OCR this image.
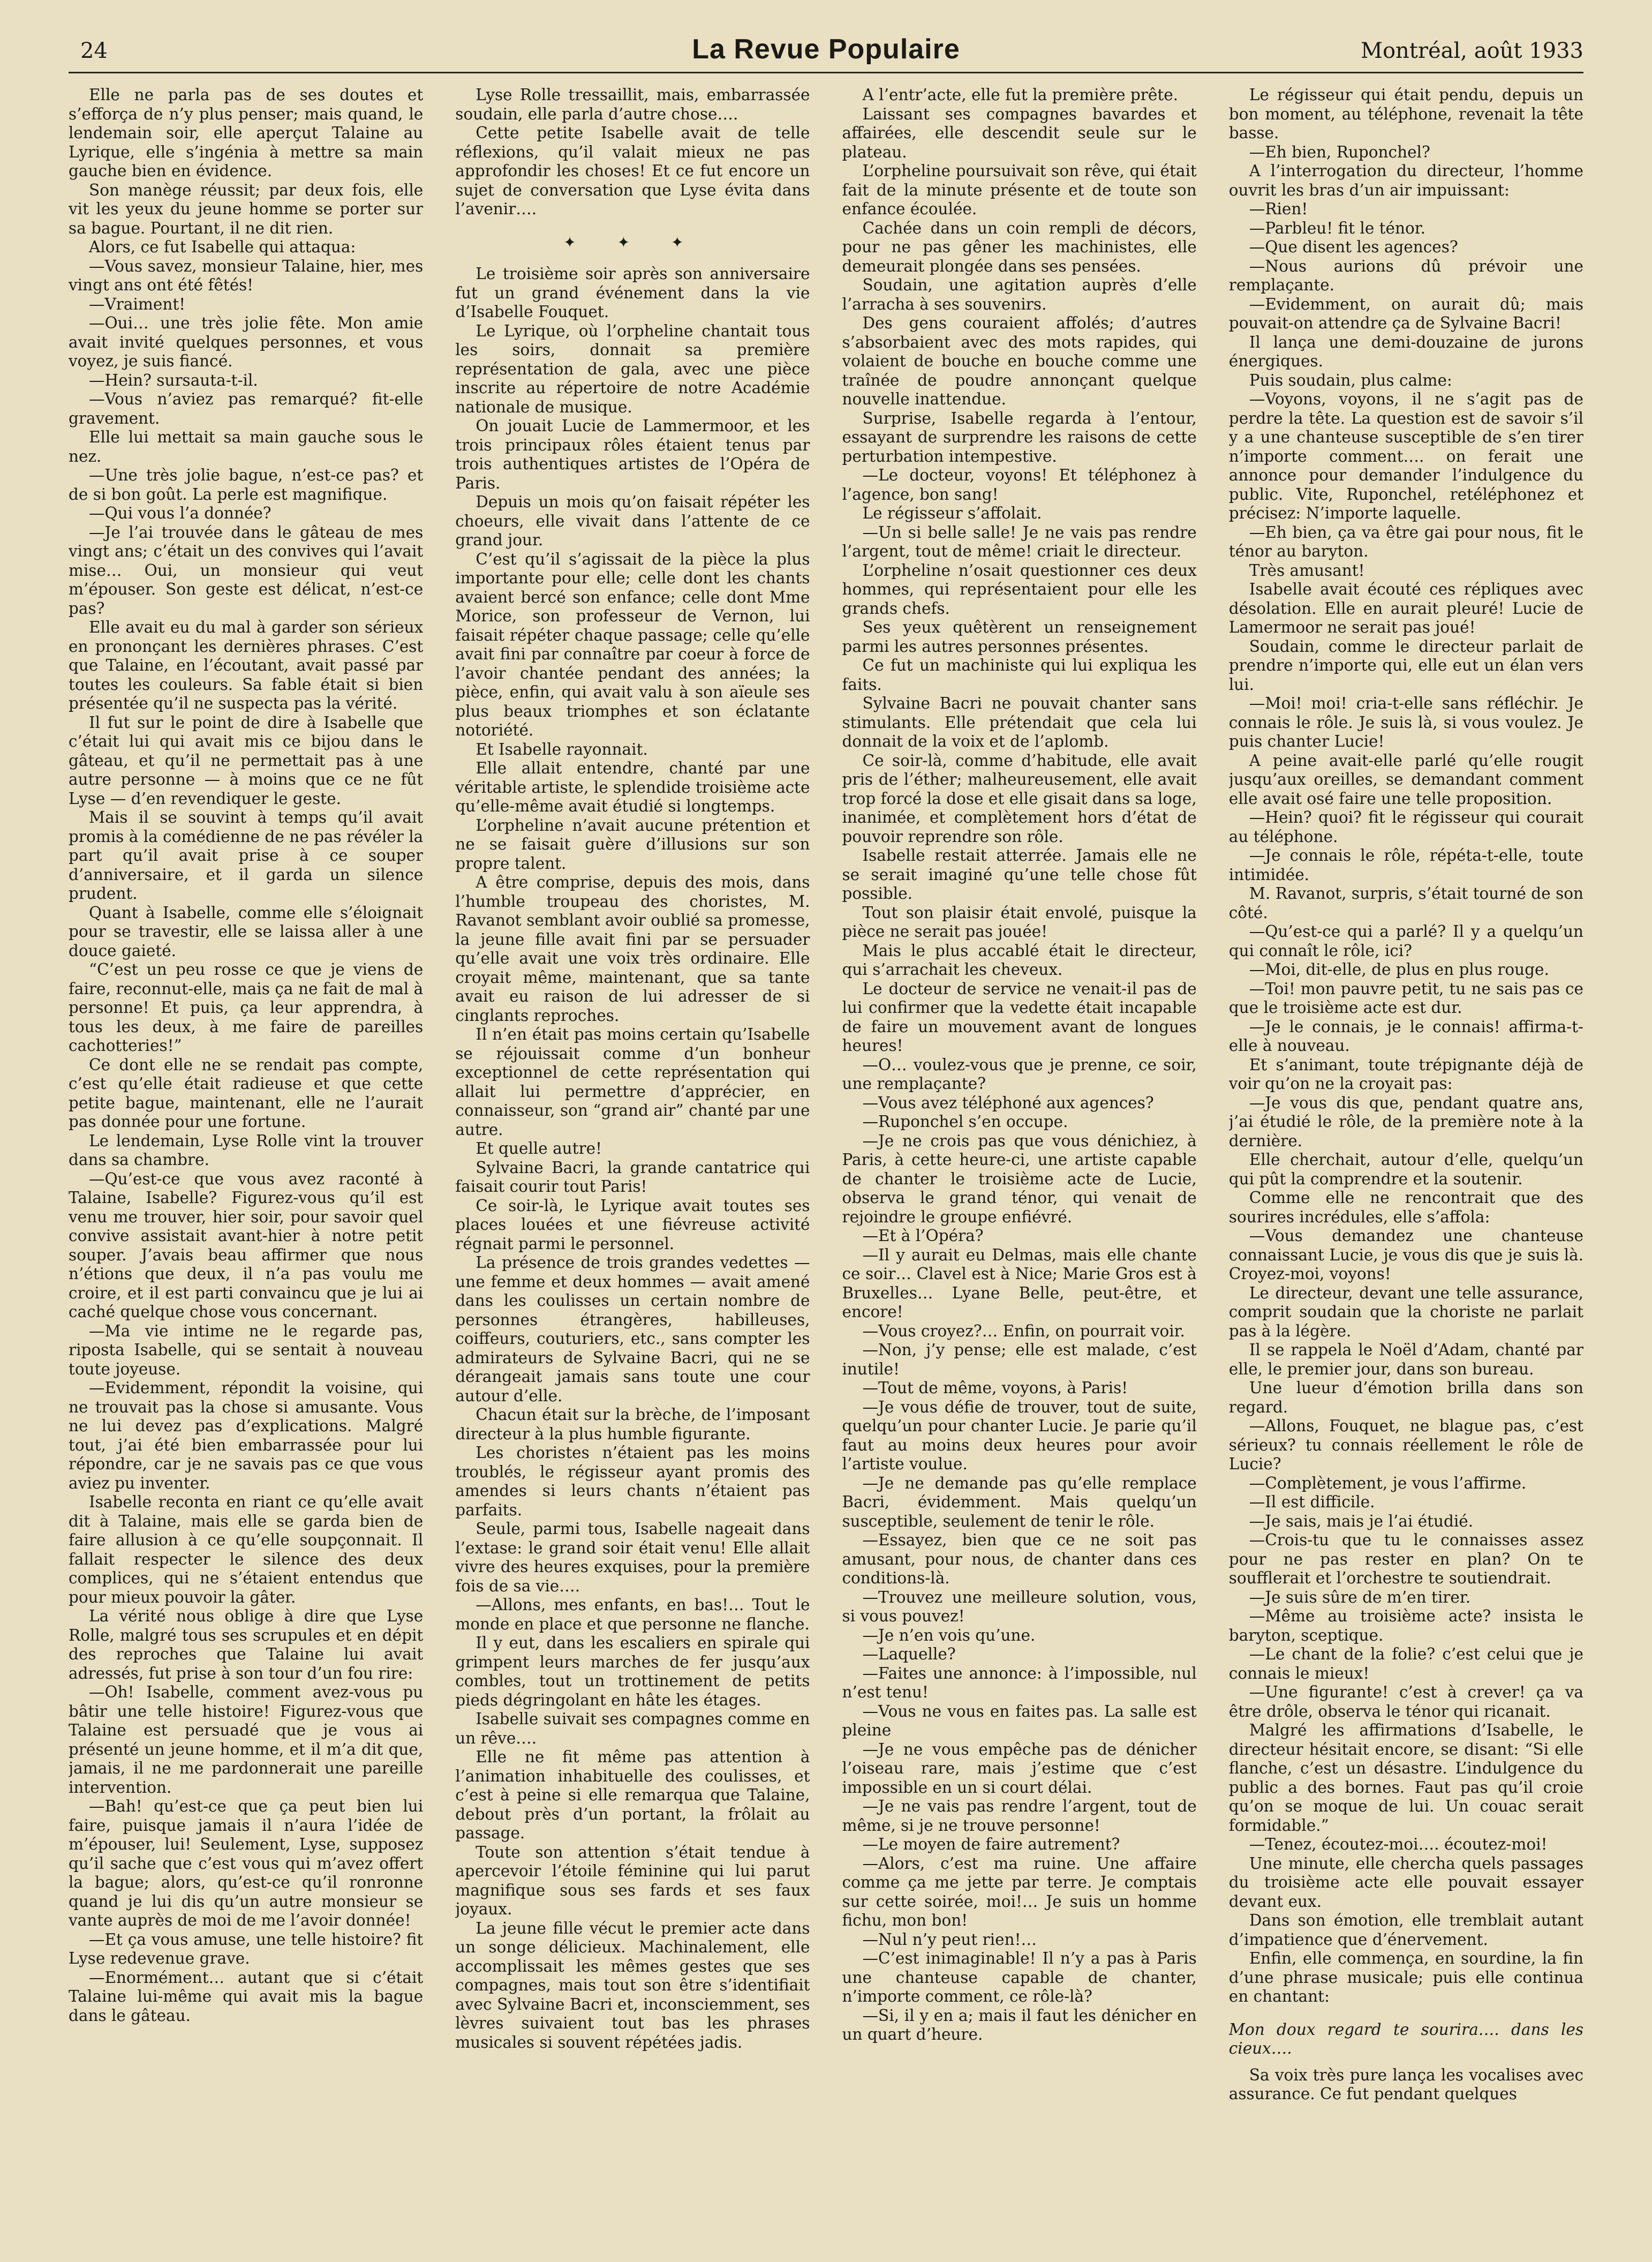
24	La Revue Populaire	Montréal, août 1933

Elle ne parla pas de ses doutes et s’efforça de n’y plus penser; mais quand, le lendemain soir, elle aperçut Talaine au Lyrique, elle s’ingénia à mettre sa main gauche bien en évidence.

Son manège réussit; par deux fois, elle vit les yeux du jeune homme se porter sur sa bague. Pourtant, il ne dit rien.

Alors, ce fut Isabelle qui attaqua:

—Vous savez, monsieur Talaine, hier, mes vingt ans ont été fêtés!

—Vraiment!

—Oui… une très jolie fête. Mon amie avait invité quelques personnes, et vous voyez, je suis fiancé.

—Hein? sursauta-t-il.

—Vous n’aviez pas remarqué? fit-elle gravement.

Elle lui mettait sa main gauche sous le nez.

—Une très jolie bague, n’est-ce pas? et de si bon goût. La perle est magnifique.

—Qui vous l’a donnée?

—Je l’ai trouvée dans le gâteau de mes vingt ans; c’était un des convives qui l’avait mise… Oui, un monsieur qui veut m’épouser. Son geste est délicat, n’est-ce pas?

Elle avait eu du mal à garder son sérieux en prononçant les dernières phrases. C’est que Talaine, en l’écoutant, avait passé par toutes les couleurs. Sa fable était si bien présentée qu’il ne suspecta pas la vérité.

Il fut sur le point de dire à Isabelle que c’était lui qui avait mis ce bijou dans le gâteau, et qu’il ne permettait pas à une autre personne — à moins que ce ne fût Lyse — d’en revendiquer le geste.

Mais il se souvint à temps qu’il avait promis à la comédienne de ne pas révéler la part qu’il avait prise à ce souper d’anniversaire, et il garda un silence prudent.

Quant à Isabelle, comme elle s’éloignait pour se travestir, elle se laissa aller à une douce gaieté.

“C’est un peu rosse ce que je viens de faire, reconnut-elle, mais ça ne fait de mal à personne! Et puis, ça leur apprendra, à tous les deux, à me faire de pareilles cachotteries!”

Ce dont elle ne se rendait pas compte, c’est qu’elle était radieuse et que cette petite bague, maintenant, elle ne l’aurait pas donnée pour une fortune.

Le lendemain, Lyse Rolle vint la trouver dans sa chambre.

—Qu’est-ce que vous avez raconté à Talaine, Isabelle? Figurez-vous qu’il est venu me trouver, hier soir, pour savoir quel convive assistait avant-hier à notre petit souper. J’avais beau affirmer que nous n’étions que deux, il n’a pas voulu me croire, et il est parti convaincu que je lui ai caché quelque chose vous concernant.

—Ma vie intime ne le regarde pas, riposta Isabelle, qui se sentait à nouveau toute joyeuse.

—Evidemment, répondit la voisine, qui ne trouvait pas la chose si amusante. Vous ne lui devez pas d’explications. Malgré tout, j’ai été bien embarrassée pour lui répondre, car je ne savais pas ce que vous aviez pu inventer.

Isabelle reconta en riant ce qu’elle avait dit à Talaine, mais elle se garda bien de faire allusion à ce qu’elle soupçonnait. Il fallait respecter le silence des deux complices, qui ne s’étaient entendus que pour mieux pouvoir la gâter.

La vérité nous oblige à dire que Lyse Rolle, malgré tous ses scrupules et en dépit des reproches que Talaine lui avait adressés, fut prise à son tour d’un fou rire:

—Oh! Isabelle, comment avez-vous pu bâtir une telle histoire! Figurez-vous que Talaine est persuadé que je vous ai présenté un jeune homme, et il m’a dit que, jamais, il ne me pardonnerait une pareille intervention.

—Bah! qu’est-ce que ça peut bien lui faire, puisque jamais il n’aura l’idée de m’épouser, lui! Seulement, Lyse, supposez qu’il sache que c’est vous qui m’avez offert la bague; alors, qu’est-ce qu’il ronronne quand je lui dis qu’un autre monsieur se vante auprès de moi de me l’avoir donnée!

—Et ça vous amuse, une telle histoire? fit Lyse redevenue grave.

—Enormément… autant que si c’était Talaine lui-même qui avait mis la bague dans le gâteau.

Lyse Rolle tressaillit, mais, embarrassée soudain, elle parla d’autre chose….

Cette petite Isabelle avait de telle réflexions, qu’il valait mieux ne pas approfondir les choses! Et ce fut encore un sujet de conversation que Lyse évita dans l’avenir….

✦ ✦ ✦

Le troisième soir après son anniversaire fut un grand événement dans la vie d’Isabelle Fouquet.

Le Lyrique, où l’orpheline chantait tous les soirs, donnait sa première représentation de gala, avec une pièce inscrite au répertoire de notre Académie nationale de musique.

On jouait Lucie de Lammermoor, et les trois principaux rôles étaient tenus par trois authentiques artistes de l’Opéra de Paris.

Depuis un mois qu’on faisait répéter les choeurs, elle vivait dans l’attente de ce grand jour.

C’est qu’il s’agissait de la pièce la plus importante pour elle; celle dont les chants avaient bercé son enfance; celle dont Mme Morice, son professeur de Vernon, lui faisait répéter chaque passage; celle qu’elle avait fini par connaître par coeur à force de l’avoir chantée pendant des années; la pièce, enfin, qui avait valu à son aïeule ses plus beaux triomphes et son éclatante notoriété.

Et Isabelle rayonnait.

Elle allait entendre, chanté par une véritable artiste, le splendide troisième acte qu’elle-même avait étudié si longtemps.

L’orpheline n’avait aucune prétention et ne se faisait guère d’illusions sur son propre talent.

A être comprise, depuis des mois, dans l’humble troupeau des choristes, M. Ravanot semblant avoir oublié sa promesse, la jeune fille avait fini par se persuader qu’elle avait une voix très ordinaire. Elle croyait même, maintenant, que sa tante avait eu raison de lui adresser de si cinglants reproches.

Il n’en était pas moins certain qu’Isabelle se réjouissait comme d’un bonheur exceptionnel de cette représentation qui allait lui permettre d’apprécier, en connaisseur, son “grand air” chanté par une autre.

Et quelle autre!

Sylvaine Bacri, la grande cantatrice qui faisait courir tout Paris!

Ce soir-là, le Lyrique avait toutes ses places louées et une fiévreuse activité régnait parmi le personnel.

La présence de trois grandes vedettes — une femme et deux hommes — avait amené dans les coulisses un certain nombre de personnes étrangères, habilleuses, coiffeurs, couturiers, etc., sans compter les admirateurs de Sylvaine Bacri, qui ne se dérangeait jamais sans toute une cour autour d’elle.

Chacun était sur la brèche, de l’imposant directeur à la plus humble figurante.

Les choristes n’étaient pas les moins troublés, le régisseur ayant promis des amendes si leurs chants n’étaient pas parfaits.

Seule, parmi tous, Isabelle nageait dans l’extase: le grand soir était venu! Elle allait vivre des heures exquises, pour la première fois de sa vie….

—Allons, mes enfants, en bas!… Tout le monde en place et que personne ne flanche.

Il y eut, dans les escaliers en spirale qui grimpent leurs marches de fer jusqu’aux combles, tout un trottinement de petits pieds dégringolant en hâte les étages.

Isabelle suivait ses compagnes comme en un rêve….

Elle ne fit même pas attention à l’animation inhabituelle des coulisses, et c’est à peine si elle remarqua que Talaine, debout près d’un portant, la frôlait au passage.

Toute son attention s’était tendue à apercevoir l’étoile féminine qui lui parut magnifique sous ses fards et ses faux joyaux.

La jeune fille vécut le premier acte dans un songe délicieux. Machinalement, elle accomplissait les mêmes gestes que ses compagnes, mais tout son être s’identifiait avec Sylvaine Bacri et, inconsciemment, ses lèvres suivaient tout bas les phrases musicales si souvent répétées jadis.

A l’entr’acte, elle fut la première prête.

Laissant ses compagnes bavardes et affairées, elle descendit seule sur le plateau.

L’orpheline poursuivait son rêve, qui était fait de la minute présente et de toute son enfance écoulée.

Cachée dans un coin rempli de décors, pour ne pas gêner les machinistes, elle demeurait plongée dans ses pensées.

Soudain, une agitation auprès d’elle l’arracha à ses souvenirs.

Des gens couraient affolés; d’autres s’absorbaient avec des mots rapides, qui volaient de bouche en bouche comme une traînée de poudre annonçant quelque nouvelle inattendue.

Surprise, Isabelle regarda à l’entour, essayant de surprendre les raisons de cette perturbation intempestive.

—Le docteur, voyons! Et téléphonez à l’agence, bon sang!

Le régisseur s’affolait.

—Un si belle salle! Je ne vais pas rendre l’argent, tout de même! criait le directeur.

L’orpheline n’osait questionner ces deux hommes, qui représentaient pour elle les grands chefs.

Ses yeux quêtèrent un renseignement parmi les autres personnes présentes.

Ce fut un machiniste qui lui expliqua les faits.

Sylvaine Bacri ne pouvait chanter sans stimulants. Elle prétendait que cela lui donnait de la voix et de l’aplomb.

Ce soir-là, comme d’habitude, elle avait pris de l’éther; malheureusement, elle avait trop forcé la dose et elle gisait dans sa loge, inanimée, et complètement hors d’état de pouvoir reprendre son rôle.

Isabelle restait atterrée. Jamais elle ne se serait imaginé qu’une telle chose fût possible.

Tout son plaisir était envolé, puisque la pièce ne serait pas jouée!

Mais le plus accablé était le directeur, qui s’arrachait les cheveux.

Le docteur de service ne venait-il pas de lui confirmer que la vedette était incapable de faire un mouvement avant de longues heures!

—O… voulez-vous que je prenne, ce soir, une remplaçante?

—Vous avez téléphoné aux agences?

—Ruponchel s’en occupe.

—Je ne crois pas que vous dénichiez, à Paris, à cette heure-ci, une artiste capable de chanter le troisième acte de Lucie, observa le grand ténor, qui venait de rejoindre le groupe enfiévré.

—Et à l’Opéra?

—Il y aurait eu Delmas, mais elle chante ce soir… Clavel est à Nice; Marie Gros est à Bruxelles… Lyane Belle, peut-être, et encore!

—Vous croyez?… Enfin, on pourrait voir.

—Non, j’y pense; elle est malade, c’est inutile!

—Tout de même, voyons, à Paris!

—Je vous défie de trouver, tout de suite, quelqu’un pour chanter Lucie. Je parie qu’il faut au moins deux heures pour avoir l’artiste voulue.

—Je ne demande pas qu’elle remplace Bacri, évidemment. Mais quelqu’un susceptible, seulement de tenir le rôle.

—Essayez, bien que ce ne soit pas amusant, pour nous, de chanter dans ces conditions-là.

—Trouvez une meilleure solution, vous, si vous pouvez!

—Je n’en vois qu’une.

—Laquelle?

—Faites une annonce: à l’impossible, nul n’est tenu!

—Vous ne vous en faites pas. La salle est pleine

—Je ne vous empêche pas de dénicher l’oiseau rare, mais j’estime que c’est impossible en un si court délai.

—Je ne vais pas rendre l’argent, tout de même, si je ne trouve personne!

—Le moyen de faire autrement?

—Alors, c’est ma ruine. Une affaire comme ça me jette par terre. Je comptais sur cette soirée, moi!… Je suis un homme fichu, mon bon!

—Nul n’y peut rien!…

—C’est inimaginable! Il n’y a pas à Paris une chanteuse capable de chanter, n’importe comment, ce rôle-là?

—Si, il y en a; mais il faut les dénicher en un quart d’heure.

Le régisseur qui était pendu, depuis un bon moment, au téléphone, revenait la tête basse.

—Eh bien, Ruponchel?

A l’interrogation du directeur, l’homme ouvrit les bras d’un air impuissant:

—Rien!

—Parbleu! fit le ténor.

—Que disent les agences?

—Nous aurions dû prévoir une remplaçante.

—Evidemment, on aurait dû; mais pouvait-on attendre ça de Sylvaine Bacri!

Il lança une demi-douzaine de jurons énergiques.

Puis soudain, plus calme:

—Voyons, voyons, il ne s’agit pas de perdre la tête. La question est de savoir s’il y a une chanteuse susceptible de s’en tirer n’importe comment…. on ferait une annonce pour demander l’indulgence du public. Vite, Ruponchel, retéléphonez et précisez: N’importe laquelle.

—Eh bien, ça va être gai pour nous, fit le ténor au baryton.

Très amusant!

Isabelle avait écouté ces répliques avec désolation. Elle en aurait pleuré! Lucie de Lamermoor ne serait pas joué!

Soudain, comme le directeur parlait de prendre n’importe qui, elle eut un élan vers lui.

—Moi! moi! cria-t-elle sans réfléchir. Je connais le rôle. Je suis là, si vous voulez. Je puis chanter Lucie!

A peine avait-elle parlé qu’elle rougit jusqu’aux oreilles, se demandant comment elle avait osé faire une telle proposition.

—Hein? quoi? fit le régisseur qui courait au téléphone.

—Je connais le rôle, répéta-t-elle, toute intimidée.

M. Ravanot, surpris, s’était tourné de son côté.

—Qu’est-ce qui a parlé? Il y a quelqu’un qui connaît le rôle, ici?

—Moi, dit-elle, de plus en plus rouge.

—Toi! mon pauvre petit, tu ne sais pas ce que le troisième acte est dur.

—Je le connais, je le connais! affirma-t-elle à nouveau.

Et s’animant, toute trépignante déjà de voir qu’on ne la croyait pas:

—Je vous dis que, pendant quatre ans, j’ai étudié le rôle, de la première note à la dernière.

Elle cherchait, autour d’elle, quelqu’un qui pût la comprendre et la soutenir.

Comme elle ne rencontrait que des sourires incrédules, elle s’affola:

—Vous demandez une chanteuse connaissant Lucie, je vous dis que je suis là. Croyez-moi, voyons!

Le directeur, devant une telle assurance, comprit soudain que la choriste ne parlait pas à la légère.

Il se rappela le Noël d’Adam, chanté par elle, le premier jour, dans son bureau.

Une lueur d’émotion brilla dans son regard.

—Allons, Fouquet, ne blague pas, c’est sérieux? tu connais réellement le rôle de Lucie?

—Complètement, je vous l’affirme.

—Il est difficile.

—Je sais, mais je l’ai étudié.

—Crois-tu que tu le connaisses assez pour ne pas rester en plan? On te soufflerait et l’orchestre te soutiendrait.

—Je suis sûre de m’en tirer.

—Même au troisième acte? insista le baryton, sceptique.

—Le chant de la folie? c’est celui que je connais le mieux!

—Une figurante! c’est à crever! ça va être drôle, observa le ténor qui ricanait.

Malgré les affirmations d’Isabelle, le directeur hésitait encore, se disant: “Si elle flanche, c’est un désastre. L’indulgence du public a des bornes. Faut pas qu’il croie qu’on se moque de lui. Un couac serait formidable.”

—Tenez, écoutez-moi…. écoutez-moi!

Une minute, elle chercha quels passages du troisième acte elle pouvait essayer devant eux.

Dans son émotion, elle tremblait autant d’impatience que d’énervement.

Enfin, elle commença, en sourdine, la fin d’une phrase musicale; puis elle continua en chantant:

Mon doux regard te sourira…. dans les cieux….

Sa voix très pure lança les vocalises avec assurance. Ce fut pendant quelques
